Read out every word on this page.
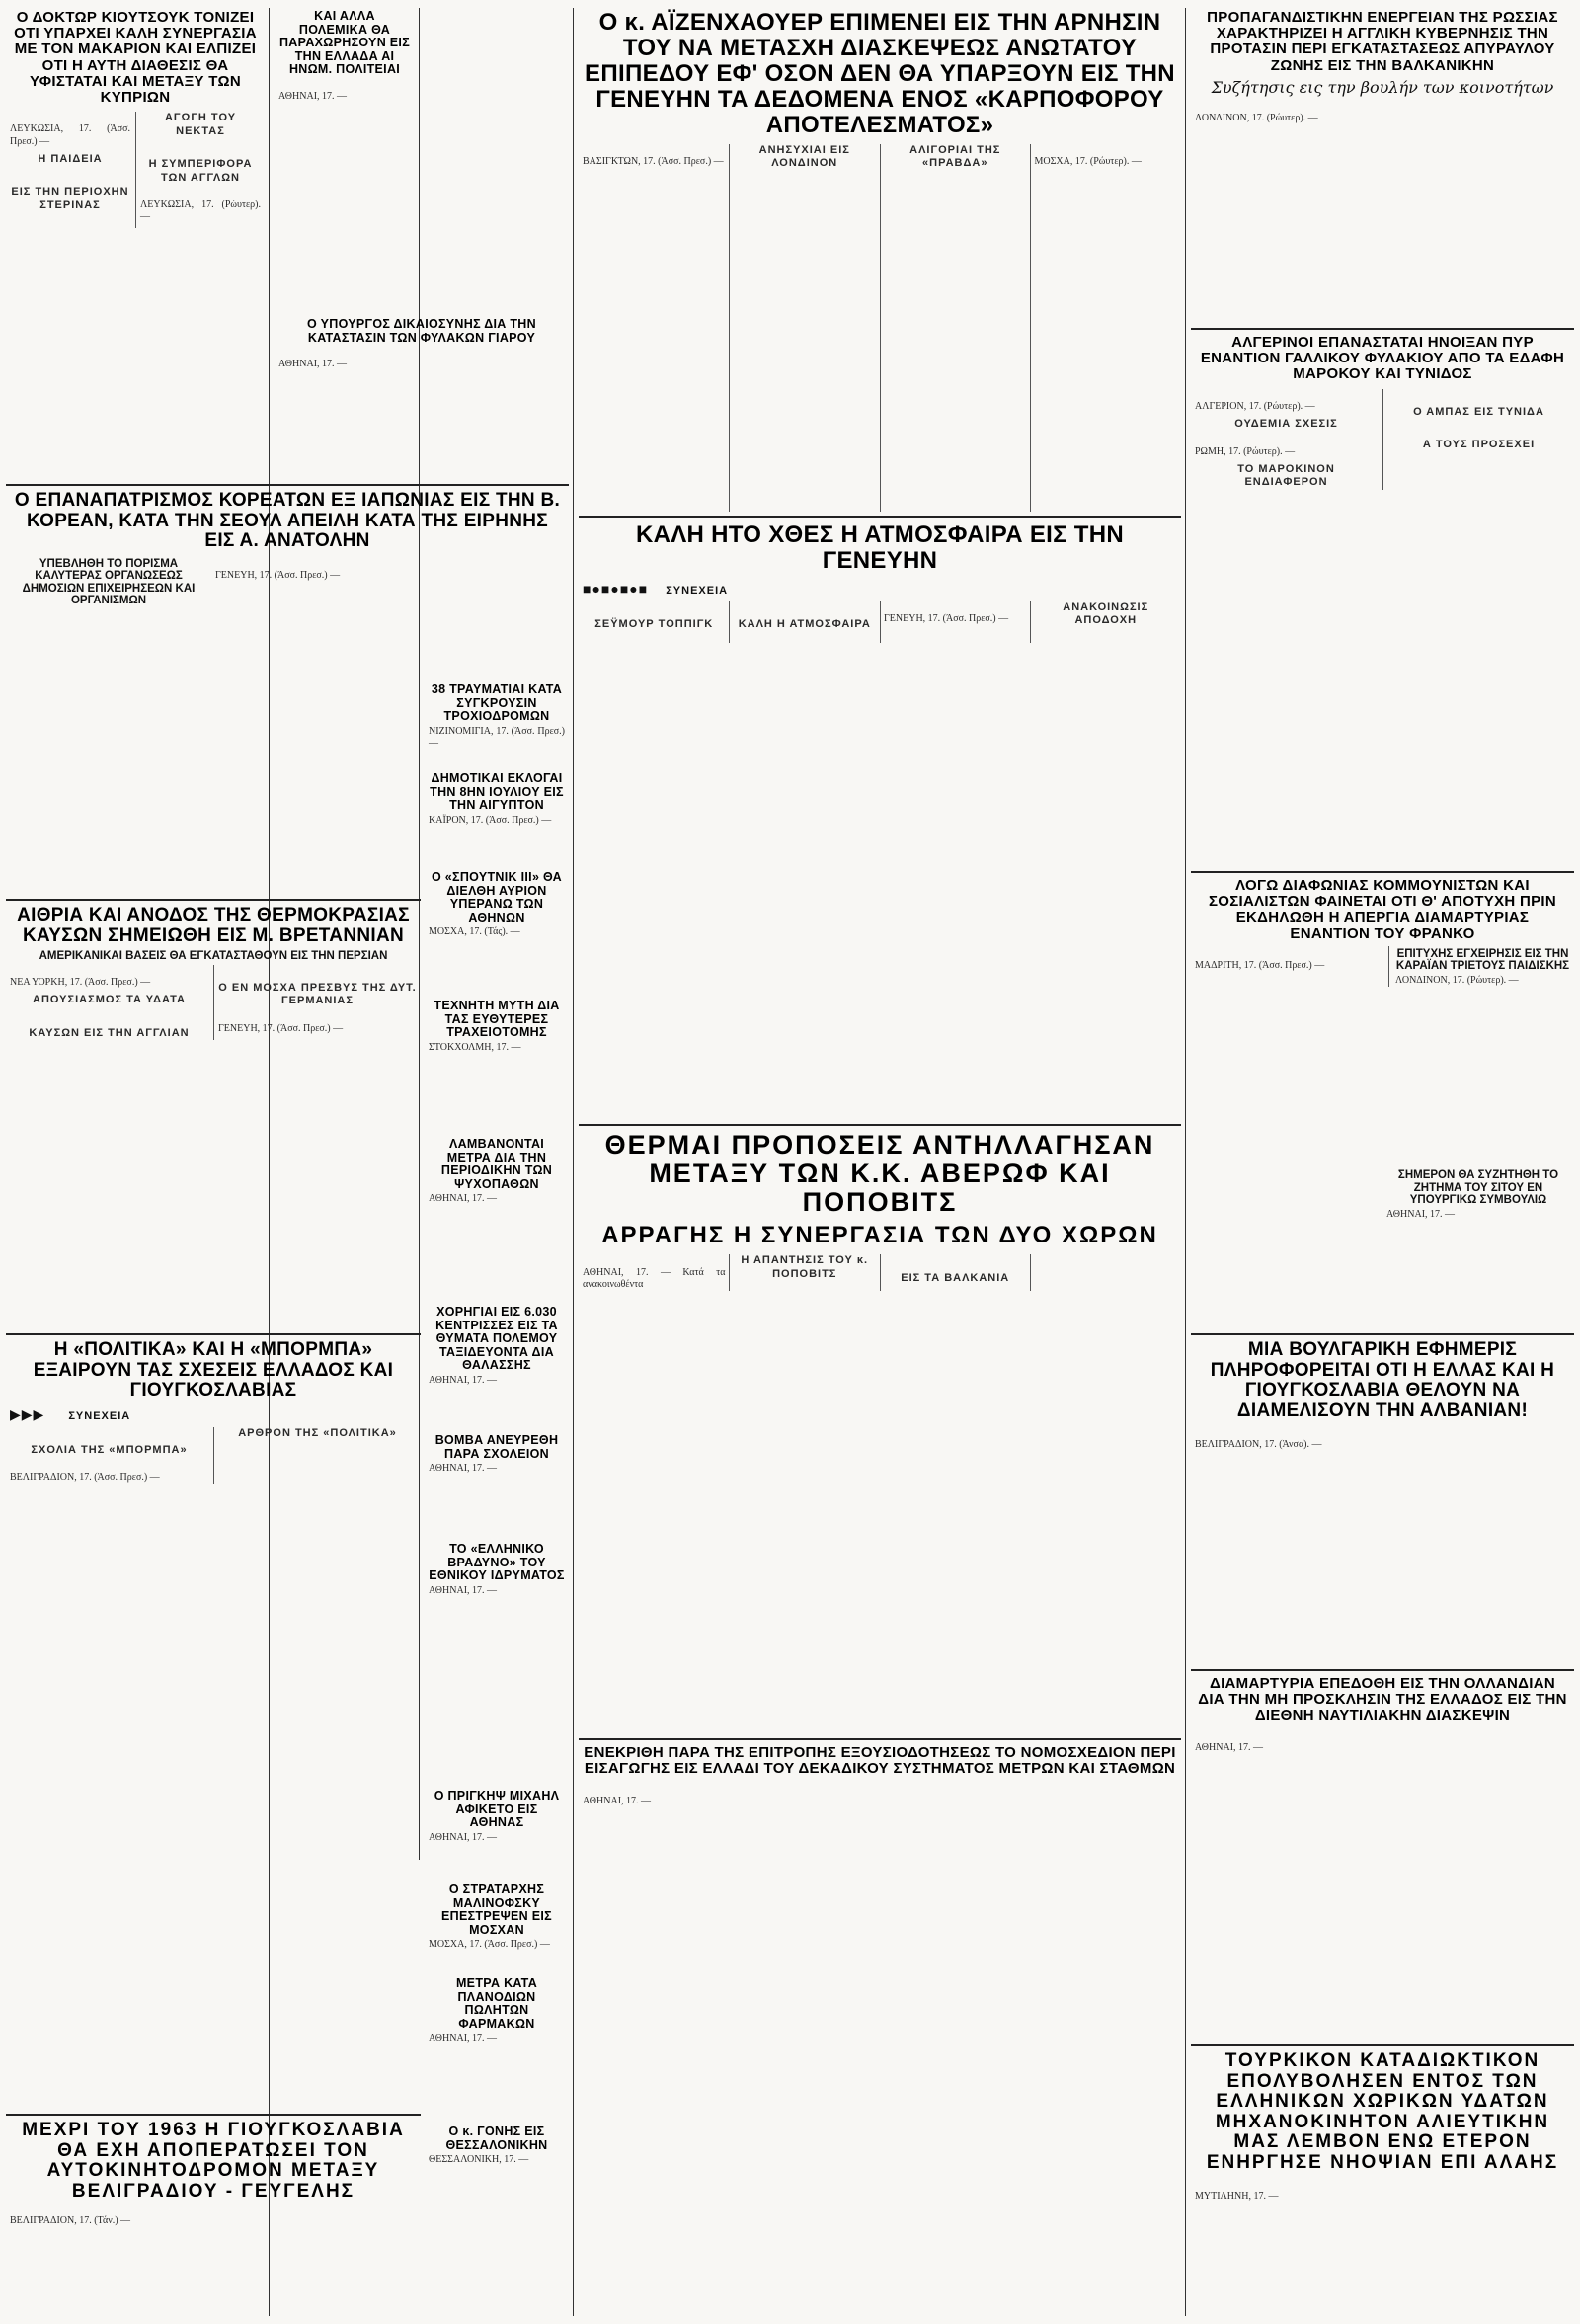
Ο ΔΟΚΤΩΡ ΚΙΟΥΤΣΟΥΚ ΤΟΝΙΖΕΙ ΟΤΙ ΥΠΑΡΧΕΙ ΚΑΛΗ ΣΥΝΕΡΓΑΣΙΑ ΜΕ ΤΟΝ ΜΑΚΑΡΙΟΝ ΚΑΙ ΕΛΠΙΖΕΙ ΟΤΙ Η ΑΥΤΗ ΔΙΑΘΕΣΙΣ ΘΑ ΥΦΙΣΤΑΤΑΙ ΚΑΙ ΜΕΤΑΞΥ ΤΩΝ ΚΥΠΡΙΩΝ

ΛΕΥΚΩΣΙΑ, 17. (Άσσ. Πρεσ.) —

Η ΠΑΙΔΕΙΑ

ΕΙΣ ΤΗΝ ΠΕΡΙΟΧΗΝ ΣΤΕΡΙΝΑΣ

ΑΓΩΓΗ ΤΟΥ ΝΕΚΤΑΣ

Η ΣΥΜΠΕΡΙΦΟΡΑ ΤΩΝ ΑΓΓΛΩΝ

ΛΕΥΚΩΣΙΑ, 17. (Ρώυτερ). —

ΚΑΙ ΑΛΛΑ ΠΟΛΕΜΙΚΑ ΘΑ ΠΑΡΑΧΩΡΗΣΟΥΝ ΕΙΣ ΤΗΝ ΕΛΛΑΔΑ ΑΙ ΗΝΩΜ. ΠΟΛΙΤΕΙΑΙ

ΑΘΗΝΑΙ, 17. —

Ο ΥΠΟΥΡΓΟΣ ΔΙΚΑΙΟΣΥΝΗΣ ΔΙΑ ΤΗΝ ΚΑΤΑΣΤΑΣΙΝ ΤΩΝ ΦΥΛΑΚΩΝ ΓΙΑΡΟΥ

ΑΘΗΝΑΙ, 17. —

Ο ΕΠΑΝΑΠΑΤΡΙΣΜΟΣ ΚΟΡΕΑΤΩΝ ΕΞ ΙΑΠΩΝΙΑΣ ΕΙΣ ΤΗΝ Β. ΚΟΡΕΑΝ, ΚΑΤΑ ΤΗΝ ΣΕΟΥΛ ΑΠΕΙΛΗ ΚΑΤΑ ΤΗΣ ΕΙΡΗΝΗΣ ΕΙΣ Α. ΑΝΑΤΟΛΗΝ
ΥΠΕΒΛΗΘΗ ΤΟ ΠΟΡΙΣΜΑ ΚΑΛΥΤΕΡΑΣ ΟΡΓΑΝΩΣΕΩΣ ΔΗΜΟΣΙΩΝ ΕΠΙΧΕΙΡΗΣΕΩΝ ΚΑΙ ΟΡΓΑΝΙΣΜΩΝ

ΓΕΝΕΥΗ, 17. (Άσσ. Πρεσ.) —

38 ΤΡΑΥΜΑΤΙΑΙ ΚΑΤΑ ΣΥΓΚΡΟΥΣΙΝ ΤΡΟΧΙΟΔΡΟΜΩΝ
ΝΙΖΙΝΟΜΙΓΙΑ, 17. (Άσσ. Πρεσ.) —
ΑΙΘΡΙΑ ΚΑΙ ΑΝΟΔΟΣ ΤΗΣ ΘΕΡΜΟΚΡΑΣΙΑΣ ΚΑΥΣΩΝ ΣΗΜΕΙΩΘΗ ΕΙΣ Μ. ΒΡΕΤΑΝΝΙΑΝ
ΑΜΕΡΙΚΑΝΙΚΑΙ ΒΑΣΕΙΣ ΘΑ ΕΓΚΑΤΑΣΤΑΘΟΥΝ ΕΙΣ ΤΗΝ ΠΕΡΣΙΑΝ

ΝΕΑ ΥΟΡΚΗ, 17. (Άσσ. Πρεσ.) —

ΑΠΟΥΣΙΑΣΜΟΣ ΤΑ ΥΔΑΤΑ

ΚΑΥΣΩΝ ΕΙΣ ΤΗΝ ΑΓΓΛΙΑΝ

Ο ΕΝ ΜΟΣΧΑ ΠΡΕΣΒΥΣ ΤΗΣ ΔΥΤ. ΓΕΡΜΑΝΙΑΣ

ΓΕΝΕΥΗ, 17. (Άσσ. Πρεσ.) —

ΔΗΜΟΤΙΚΑΙ ΕΚΛΟΓΑΙ ΤΗΝ 8ΗΝ ΙΟΥΛΙΟΥ ΕΙΣ ΤΗΝ ΑΙΓΥΠΤΟΝ
ΚΑΪΡΟΝ, 17. (Άσσ. Πρεσ.) —
Ο «ΣΠΟΥΤΝΙΚ ΙΙΙ» ΘΑ ΔΙΕΛΘΗ ΑΥΡΙΟΝ ΥΠΕΡΑΝΩ ΤΩΝ ΑΘΗΝΩΝ
ΜΟΣΧΑ, 17. (Τάς). —
ΤΕΧΝΗΤΗ ΜΥΤΗ ΔΙΑ ΤΑΣ ΕΥΘΥΤΕΡΕΣ ΤΡΑΧΕΙΟΤΟΜΗΣ
ΣΤΟΚΧΟΛΜΗ, 17. —
ΛΑΜΒΑΝΟΝΤΑΙ ΜΕΤΡΑ ΔΙΑ ΤΗΝ ΠΕΡΙΟΔΙΚΗΝ ΤΩΝ ΨΥΧΟΠΑΘΩΝ
ΑΘΗΝΑΙ, 17. —
Η «ΠΟΛΙΤΙΚΑ» ΚΑΙ Η «ΜΠΟΡΜΠΑ» ΕΞΑΙΡΟΥΝ ΤΑΣ ΣΧΕΣΕΙΣ ΕΛΛΑΔΟΣ ΚΑΙ ΓΙΟΥΓΚΟΣΛΑΒΙΑΣ
▶▶▶ ΣΥΝΕΧΕΙΑ

ΣΧΟΛΙΑ ΤΗΣ «ΜΠΟΡΜΠΑ»

ΒΕΛΙΓΡΑΔΙΟΝ, 17. (Άσσ. Πρεσ.) —

ΑΡΘΡΟΝ ΤΗΣ «ΠΟΛΙΤΙΚΑ»

ΧΟΡΗΓΙΑΙ ΕΙΣ 6.030 ΚΕΝΤΡΙΣΣΕΣ ΕΙΣ ΤΑ ΘΥΜΑΤΑ ΠΟΛΕΜΟΥ ΤΑΞΙΔΕΥΟΝΤΑ ΔΙΑ ΘΑΛΑΣΣΗΣ
ΑΘΗΝΑΙ, 17. —
ΒΟΜΒΑ ΑΝΕΥΡΕΘΗ ΠΑΡΑ ΣΧΟΛΕΙΟΝ
ΑΘΗΝΑΙ, 17. —
ΤΟ «ΕΛΛΗΝΙΚΟ ΒΡΑΔΥΝΟ» ΤΟΥ ΕΘΝΙΚΟΥ ΙΔΡΥΜΑΤΟΣ
ΑΘΗΝΑΙ, 17. —
Ο ΠΡΙΓΚΗΨ ΜΙΧΑΗΛ ΑΦΙΚΕΤΟ ΕΙΣ ΑΘΗΝΑΣ
ΑΘΗΝΑΙ, 17. —
Ο ΣΤΡΑΤΑΡΧΗΣ ΜΑΛΙΝΟΦΣΚΥ ΕΠΕΣΤΡΕΨΕΝ ΕΙΣ ΜΟΣΧΑΝ
ΜΟΣΧΑ, 17. (Άσσ. Πρεσ.) —
ΜΕΤΡΑ ΚΑΤΑ ΠΛΑΝΟΔΙΩΝ ΠΩΛΗΤΩΝ ΦΑΡΜΑΚΩΝ
ΑΘΗΝΑΙ, 17. —
Ο κ. ΓΟΝΗΣ ΕΙΣ ΘΕΣΣΑΛΟΝΙΚΗΝ
ΘΕΣΣΑΛΟΝΙΚΗ, 17. —
ΜΕΧΡΙ ΤΟΥ 1963 Η ΓΙΟΥΓΚΟΣΛΑΒΙΑ ΘΑ ΕΧΗ ΑΠΟΠΕΡΑΤΩΣΕΙ ΤΟΝ ΑΥΤΟΚΙΝΗΤΟΔΡΟΜΟΝ ΜΕΤΑΞΥ ΒΕΛΙΓΡΑΔΙΟΥ - ΓΕΥΓΕΛΗΣ

ΒΕΛΙΓΡΑΔΙΟΝ, 17. (Τάν.) —

Ο κ. ΑΪΖΕΝΧΑΟΥΕΡ ΕΠΙΜΕΝΕΙ ΕΙΣ ΤΗΝ ΑΡΝΗΣΙΝ ΤΟΥ ΝΑ ΜΕΤΑΣΧΗ ΔΙΑΣΚΕΨΕΩΣ ΑΝΩΤΑΤΟΥ ΕΠΙΠΕΔΟΥ ΕΦ' ΟΣΟΝ ΔΕΝ ΘΑ ΥΠΑΡΞΟΥΝ ΕΙΣ ΤΗΝ ΓΕΝΕΥΗΝ ΤΑ ΔΕΔΟΜΕΝΑ ΕΝΟΣ «ΚΑΡΠΟΦΟΡΟΥ ΑΠΟΤΕΛΕΣΜΑΤΟΣ»

ΒΑΣΙΓΚΤΩΝ, 17. (Άσσ. Πρεσ.) —

ΑΝΗΣΥΧΙΑΙ ΕΙΣ ΛΟΝΔΙΝΟΝ

ΑΛΙΓΟΡΙΑΙ ΤΗΣ «ΠΡΑΒΔΑ»	ΜΟΣΧΑ, 17. (Ρώυτερ). —

ΚΑΛΗ ΗΤΟ ΧΘΕΣ Η ΑΤΜΟΣΦΑΙΡΑ ΕΙΣ ΤΗΝ ΓΕΝΕΥΗΝ
■●■●■●■ ΣΥΝΕΧΕΙΑ

ΣΕΫΜΟΥΡ ΤΟΠΠΙΓΚ	ΚΑΛΗ Η ΑΤΜΟΣΦΑΙΡΑ	ΓΕΝΕΥΗ, 17. (Άσσ. Πρεσ.) —

ΑΝΑΚΟΙΝΩΣΙΣ ΑΠΟΔΟΧΗ

ΘΕΡΜΑΙ ΠΡΟΠΟΣΕΙΣ ΑΝΤΗΛΛΑΓΗΣΑΝ ΜΕΤΑΞΥ ΤΩΝ Κ.Κ. ΑΒΕΡΩΦ ΚΑΙ ΠΟΠΟΒΙΤΣ
ΑΡΡΑΓΗΣ Η ΣΥΝΕΡΓΑΣΙΑ ΤΩΝ ΔΥΟ ΧΩΡΩΝ

ΑΘΗΝΑΙ, 17. — Κατά τα ανακοινωθέντα

Η ΑΠΑΝΤΗΣΙΣ ΤΟΥ κ. ΠΟΠΟΒΙΤΣ	ΕΙΣ ΤΑ ΒΑΛΚΑΝΙΑ

ΕΝΕΚΡΙΘΗ ΠΑΡΑ ΤΗΣ ΕΠΙΤΡΟΠΗΣ ΕΞΟΥΣΙΟΔΟΤΗΣΕΩΣ ΤΟ ΝΟΜΟΣΧΕΔΙΟΝ ΠΕΡΙ ΕΙΣΑΓΩΓΗΣ ΕΙΣ ΕΛΛΑΔΙ ΤΟΥ ΔΕΚΑΔΙΚΟΥ ΣΥΣΤΗΜΑΤΟΣ ΜΕΤΡΩΝ ΚΑΙ ΣΤΑΘΜΩΝ

ΑΘΗΝΑΙ, 17. —

ΠΡΟΠΑΓΑΝΔΙΣΤΙΚΗΝ ΕΝΕΡΓΕΙΑΝ ΤΗΣ ΡΩΣΣΙΑΣ ΧΑΡΑΚΤΗΡΙΖΕΙ Η ΑΓΓΛΙΚΗ ΚΥΒΕΡΝΗΣΙΣ ΤΗΝ ΠΡΟΤΑΣΙΝ ΠΕΡΙ ΕΓΚΑΤΑΣΤΑΣΕΩΣ ΑΠΥΡΑΥΛΟΥ ΖΩΝΗΣ ΕΙΣ ΤΗΝ ΒΑΛΚΑΝΙΚΗΝ
Συζήτησις εις την βουλήν των κοινοτήτων

ΛΟΝΔΙΝΟΝ, 17. (Ρώυτερ). —

ΑΛΓΕΡΙΝΟΙ ΕΠΑΝΑΣΤΑΤΑΙ ΗΝΟΙΞΑΝ ΠΥΡ ΕΝΑΝΤΙΟΝ ΓΑΛΛΙΚΟΥ ΦΥΛΑΚΙΟΥ ΑΠΟ ΤΑ ΕΔΑΦΗ ΜΑΡΟΚΟΥ ΚΑΙ ΤΥΝΙΔΟΣ

ΑΛΓΕΡΙΟΝ, 17. (Ρώυτερ). —

ΟΥΔΕΜΙΑ ΣΧΕΣΙΣ

ΡΩΜΗ, 17. (Ρώυτερ). —

ΤΟ ΜΑΡΟΚΙΝΟΝ ΕΝΔΙΑΦΕΡΟΝ

Ο ΑΜΠΑΣ ΕΙΣ ΤΥΝΙΔΑ

Α ΤΟΥΣ ΠΡΟΣΕΧΕΙ

ΛΟΓΩ ΔΙΑΦΩΝΙΑΣ ΚΟΜΜΟΥΝΙΣΤΩΝ ΚΑΙ ΣΟΣΙΑΛΙΣΤΩΝ ΦΑΙΝΕΤΑΙ ΟΤΙ Θ' ΑΠΟΤΥΧΗ ΠΡΙΝ ΕΚΔΗΛΩΘΗ Η ΑΠΕΡΓΙΑ ΔΙΑΜΑΡΤΥΡΙΑΣ ΕΝΑΝΤΙΟΝ ΤΟΥ ΦΡΑΝΚΟ

ΜΑΔΡΙΤΗ, 17. (Άσσ. Πρεσ.) —

ΕΠΙΤΥΧΗΣ ΕΓΧΕΙΡΗΣΙΣ ΕΙΣ ΤΗΝ ΚΑΡΑΪΑΝ ΤΡΙΕΤΟΥΣ ΠΑΙΔΙΣΚΗΣ
ΛΟΝΔΙΝΟΝ, 17. (Ρώυτερ). —
ΣΗΜΕΡΟΝ ΘΑ ΣΥΖΗΤΗΘΗ ΤΟ ΖΗΤΗΜΑ ΤΟΥ ΣΙΤΟΥ ΕΝ ΥΠΟΥΡΓΙΚΩ ΣΥΜΒΟΥΛΙΩ
ΑΘΗΝΑΙ, 17. —
ΜΙΑ ΒΟΥΛΓΑΡΙΚΗ ΕΦΗΜΕΡΙΣ ΠΛΗΡΟΦΟΡΕΙΤΑΙ ΟΤΙ Η ΕΛΛΑΣ ΚΑΙ Η ΓΙΟΥΓΚΟΣΛΑΒΙΑ ΘΕΛΟΥΝ ΝΑ ΔΙΑΜΕΛΙΣΟΥΝ ΤΗΝ ΑΛΒΑΝΙΑΝ!

ΒΕΛΙΓΡΑΔΙΟΝ, 17. (Άνσα). —

ΔΙΑΜΑΡΤΥΡΙΑ ΕΠΕΔΟΘΗ ΕΙΣ ΤΗΝ ΟΛΛΑΝΔΙΑΝ ΔΙΑ ΤΗΝ ΜΗ ΠΡΟΣΚΛΗΣΙΝ ΤΗΣ ΕΛΛΑΔΟΣ ΕΙΣ ΤΗΝ ΔΙΕΘΝΗ ΝΑΥΤΙΛΙΑΚΗΝ ΔΙΑΣΚΕΨΙΝ

ΑΘΗΝΑΙ, 17. —

ΤΟΥΡΚΙΚΟΝ ΚΑΤΑΔΙΩΚΤΙΚΟΝ ΕΠΟΛΥΒΟΛΗΣΕΝ ΕΝΤΟΣ ΤΩΝ ΕΛΛΗΝΙΚΩΝ ΧΩΡΙΚΩΝ ΥΔΑΤΩΝ ΜΗΧΑΝΟΚΙΝΗΤΟΝ ΑΛΙΕΥΤΙΚΗΝ ΜΑΣ ΛΕΜΒΟΝ ΕΝΩ ΕΤΕΡΟΝ ΕΝΗΡΓΗΣΕ ΝΗΟΨΙΑΝ ΕΠΙ ΑΛΑΗΣ

ΜΥΤΙΛΗΝΗ, 17. —
